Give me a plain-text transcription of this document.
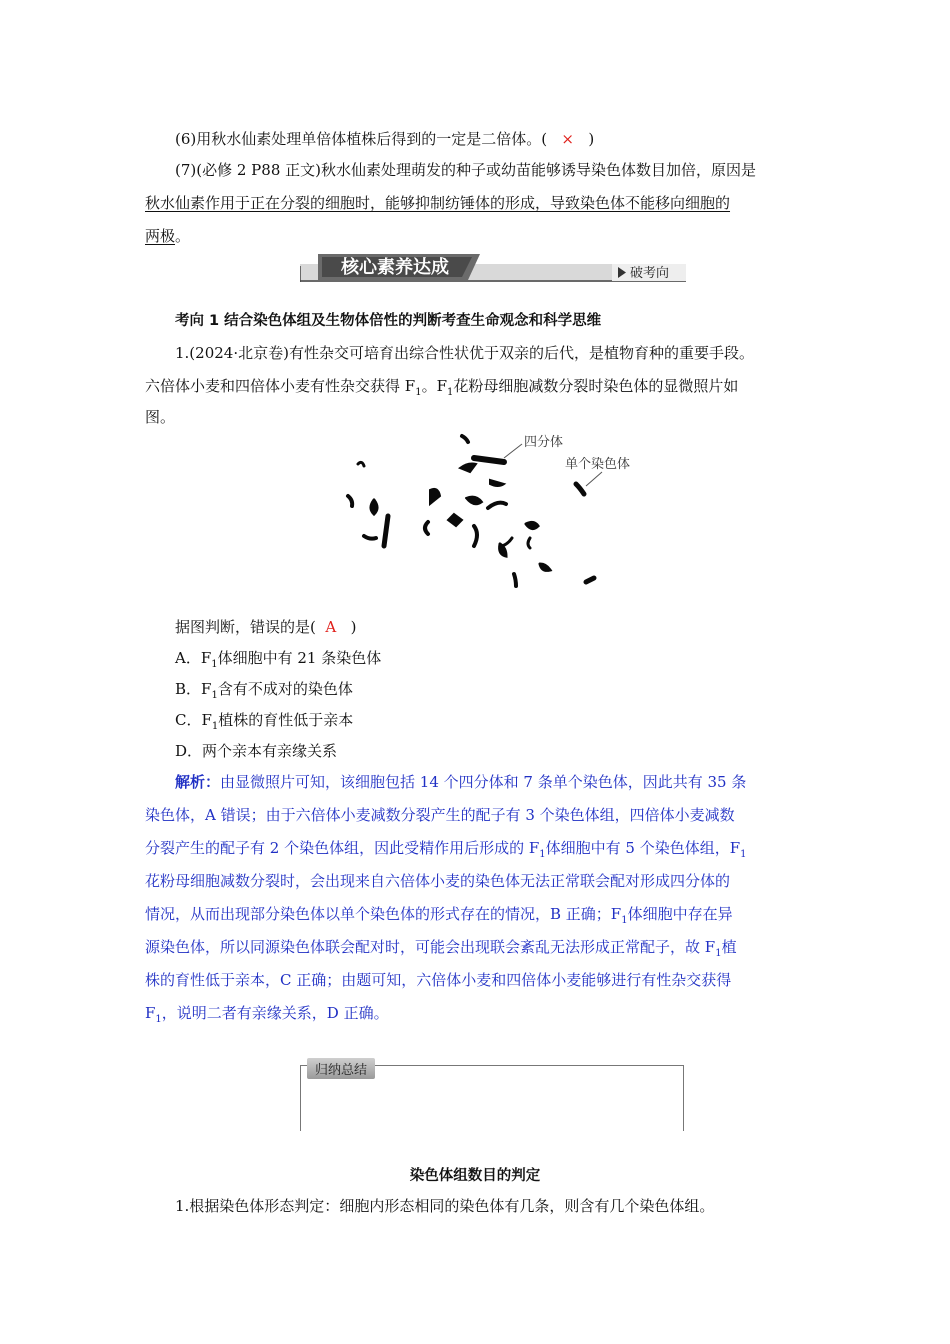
(6)用秋水仙素处理单倍体植株后得到的一定是二倍体。( × )
(7)(必修 2 P88 正文)秋水仙素处理萌发的种子或幼苗能够诱导染色体数目加倍，原因是
秋水仙素作用于正在分裂的细胞时，能够抑制纺锤体的形成，导致染色体不能移向细胞的
两极。
核心素养达成	破考向
考向 1 结合染色体组及生物体倍性的判断考查生命观念和科学思维
1.(2024·北京卷)有性杂交可培育出综合性状优于双亲的后代，是植物育种的重要手段。
六倍体小麦和四倍体小麦有性杂交获得 $F_1$。$F_1$花粉母细胞减数分裂时染色体的显微照片如
图。
四分体
单个染色体
据图判断，错误的是( A )
A．$F_1$体细胞中有 21 条染色体
B．$F_1$含有不成对的染色体
C．$F_1$植株的育性低于亲本
D．两个亲本有亲缘关系
解析：由显微照片可知，该细胞包括 14 个四分体和 7 条单个染色体，因此共有 35 条
染色体，A 错误；由于六倍体小麦减数分裂产生的配子有 3 个染色体组，四倍体小麦减数
分裂产生的配子有 2 个染色体组，因此受精作用后形成的 $F_1$体细胞中有 5 个染色体组，$F_1$
花粉母细胞减数分裂时，会出现来自六倍体小麦的染色体无法正常联会配对形成四分体的
情况，从而出现部分染色体以单个染色体的形式存在的情况，B 正确；$F_1$体细胞中存在异
源染色体，所以同源染色体联会配对时，可能会出现联会紊乱无法形成正常配子，故 $F_1$植
株的育性低于亲本，C 正确；由题可知，六倍体小麦和四倍体小麦能够进行有性杂交获得
$F_1$，说明二者有亲缘关系，D 正确。
归纳总结
染色体组数目的判定
1.根据染色体形态判定：细胞内形态相同的染色体有几条，则含有几个染色体组。
